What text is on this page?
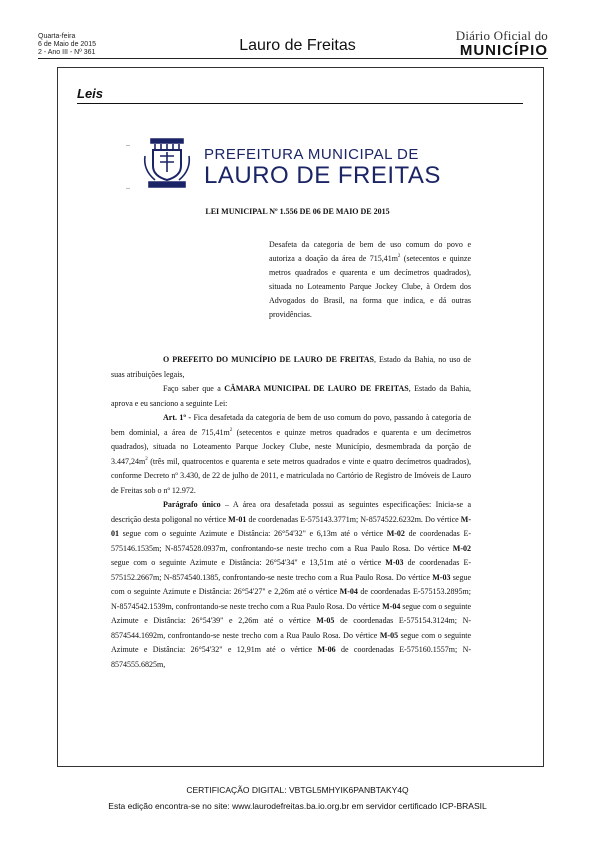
Quarta-feira
6 de Maio de 2015
2 - Ano III - Nº 361	Lauro de Freitas
Diário Oficial do
MUNICÍPIO
Leis
PREFEITURA MUNICIPAL DE
LAURO DE FREITAS
LEI MUNICIPAL Nº 1.556 DE 06 DE MAIO DE 2015
Desafeta da categoria de bem de uso comum do povo e autoriza a doação da área de $715,41m^2$ (setecentos e quinze metros quadrados e quarenta e um decímetros quadrados), situada no Loteamento Parque Jockey Clube, à Ordem dos Advogados do Brasil, na forma que indica, e dá outras providências.

O PREFEITO DO MUNICÍPIO DE LAURO DE FREITAS, Estado da Bahia, no uso de suas atribuições legais,

Faço saber que a CÂMARA MUNICIPAL DE LAURO DE FREITAS, Estado da Bahia, aprova e eu sanciono a seguinte Lei:

Art. 1º - Fica desafetada da categoria de bem de uso comum do povo, passando à categoria de bem dominial, a área de $715,41m^2$ (setecentos e quinze metros quadrados e quarenta e um decímetros quadrados), situada no Loteamento Parque Jockey Clube, neste Município, desmembrada da porção de $3.447,24m^2$ (três mil, quatrocentos e quarenta e sete metros quadrados e vinte e quatro decímetros quadrados), conforme Decreto nº 3.430, de 22 de julho de 2011, e matriculada no Cartório de Registro de Imóveis de Lauro de Freitas sob o nº 12.972.

Parágrafo único – A área ora desafetada possui as seguintes especificações: Inicia-se a descrição desta poligonal no vértice M-01 de coordenadas E-575143.3771m; N-8574522.6232m. Do vértice M-01 segue com o seguinte Azimute e Distância: 26°54'32" e 6,13m até o vértice M-02 de coordenadas E-575146.1535m; N-8574528.0937m, confrontando-se neste trecho com a Rua Paulo Rosa. Do vértice M-02 segue com o seguinte Azimute e Distância: 26°54'34" e 13,51m até o vértice M-03 de coordenadas E-575152.2667m; N-8574540.1385, confrontando-se neste trecho com a Rua Paulo Rosa. Do vértice M-03 segue com o seguinte Azimute e Distância: 26°54'27" e 2,26m até o vértice M-04 de coordenadas E-575153.2895m; N-8574542.1539m, confrontando-se neste trecho com a Rua Paulo Rosa. Do vértice M-04 segue com o seguinte Azimute e Distância: 26°54'39" e 2,26m até o vértice M-05 de coordenadas E-575154.3124m; N-8574544.1692m, confrontando-se neste trecho com a Rua Paulo Rosa. Do vértice M-05 segue com o seguinte Azimute e Distância: 26°54'32" e 12,91m até o vértice M-06 de coordenadas E-575160.1557m; N-8574555.6825m,

CERTIFICAÇÃO DIGITAL: VBTGL5MHYIK6PANBTAKY4Q
Esta edição encontra-se no site: www.laurodefreitas.ba.io.org.br em servidor certificado ICP-BRASIL
